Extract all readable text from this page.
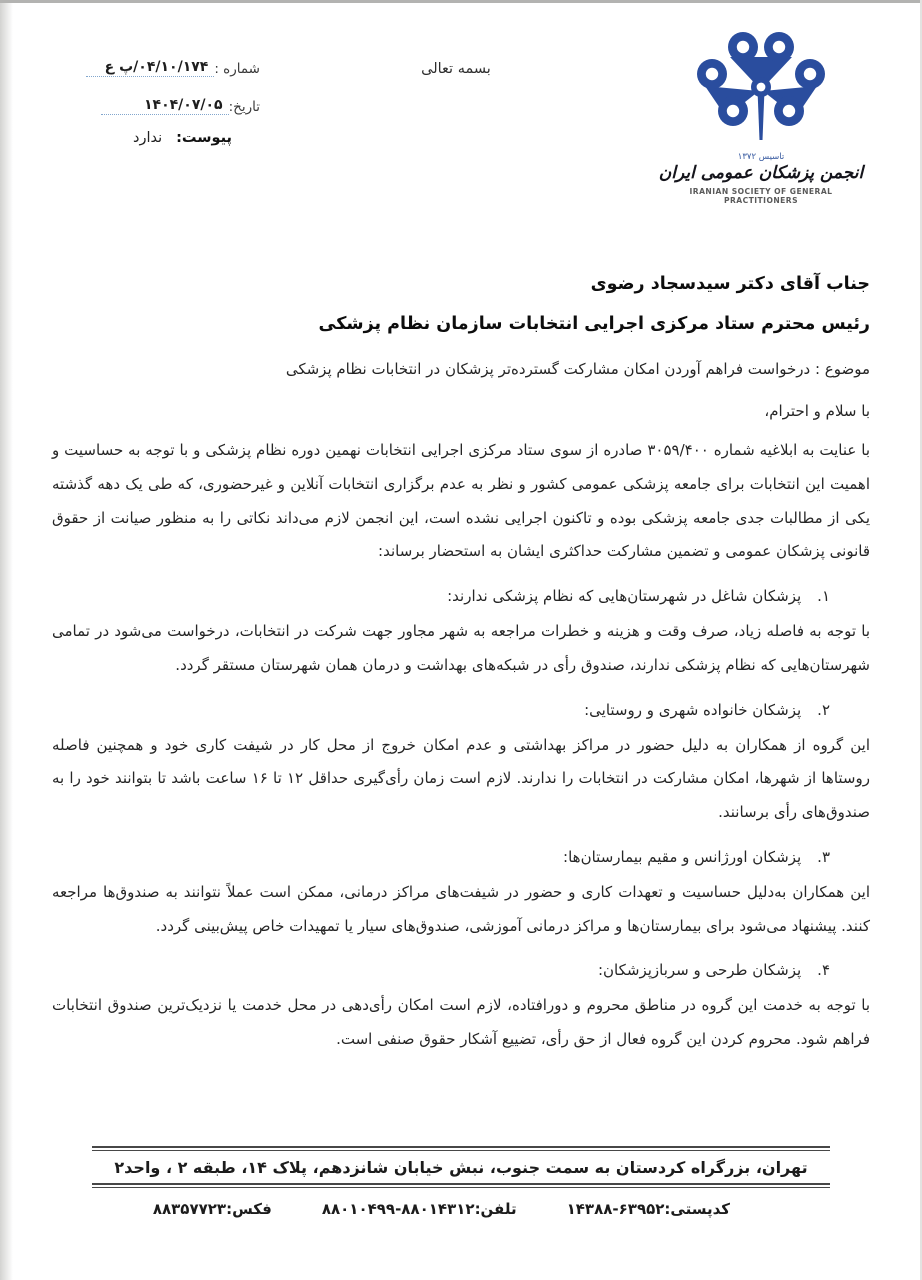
تاسیس ۱۳۷۲
انجمن پزشکان عمومی ایران
IRANIAN SOCIETY OF GENERAL PRACTITIONERS
بسمه تعالی
شماره :
۰۴/۱۰/۱۷۴/پ ع
تاریخ:
۱۴۰۴/۰۷/۰۵
پیوست:
ندارد
جناب آقای دکتر سیدسجاد رضوی
رئیس محترم ستاد مرکزی اجرایی انتخابات سازمان نظام پزشکی
موضوع : درخواست فراهم آوردن امکان مشارکت گسترده‌تر پزشکان در انتخابات نظام پزشکی
با سلام و احترام،

با عنایت به ابلاغیه شماره ۳۰۵۹/۴۰۰ صادره از سوی ستاد مرکزی اجرایی انتخابات نهمین دوره نظام پزشکی و با توجه به حساسیت و اهمیت این انتخابات برای جامعه پزشکی عمومی کشور و نظر به عدم برگزاری انتخابات آنلاین و غیرحضوری، که طی یک دهه گذشته یکی از مطالبات جدی جامعه پزشکی بوده و تاکنون اجرایی نشده است، این انجمن لازم می‌داند نکاتی را به منظور صیانت از حقوق قانونی پزشکان عمومی و تضمین مشارکت حداکثری ایشان به استحضار برساند:

۱.پزشکان شاغل در شهرستان‌هایی که نظام پزشکی ندارند:

با توجه به فاصله زیاد، صرف وقت و هزینه و خطرات مراجعه به شهر مجاور جهت شرکت در انتخابات، درخواست می‌شود در تمامی شهرستان‌هایی که نظام پزشکی ندارند، صندوق رأی در شبکه‌های بهداشت و درمان همان شهرستان مستقر گردد.

۲.پزشکان خانواده شهری و روستایی:

این گروه از همکاران به دلیل حضور در مراکز بهداشتی و عدم امکان خروج از محل کار در شیفت کاری خود و همچنین فاصله روستاها از شهرها، امکان مشارکت در انتخابات را ندارند. لازم است زمان رأی‌گیری حداقل ۱۲ تا ۱۶ ساعت باشد تا بتوانند خود را به صندوق‌های رأی برسانند.

۳.پزشکان اورژانس و مقیم بیمارستان‌ها:

این همکاران به‌دلیل حساسیت و تعهدات کاری و حضور در شیفت‌های مراکز درمانی، ممکن است عملاً نتوانند به صندوق‌ها مراجعه کنند. پیشنهاد می‌شود برای بیمارستان‌ها و مراکز درمانی آموزشی، صندوق‌های سیار یا تمهیدات خاص پیش‌بینی گردد.

۴.پزشکان طرحی و سربازپزشکان:

با توجه به خدمت این گروه در مناطق محروم و دورافتاده، لازم است امکان رأی‌دهی در محل خدمت یا نزدیک‌ترین صندوق انتخابات فراهم شود. محروم کردن این گروه فعال از حق رأی، تضییع آشکار حقوق صنفی است.

تهران، بزرگراه کردستان به سمت جنوب، نبش خیابان شانزدهم، پلاک ۱۴، طبقه ۲ ، واحد۲
کدپستی:۱۴۳۸۸-۶۳۹۵۲
تلفن:۸۸۰۱۰۴۹۹-۸۸۰۱۴۳۱۲
فکس:۸۸۳۵۷۷۲۳
